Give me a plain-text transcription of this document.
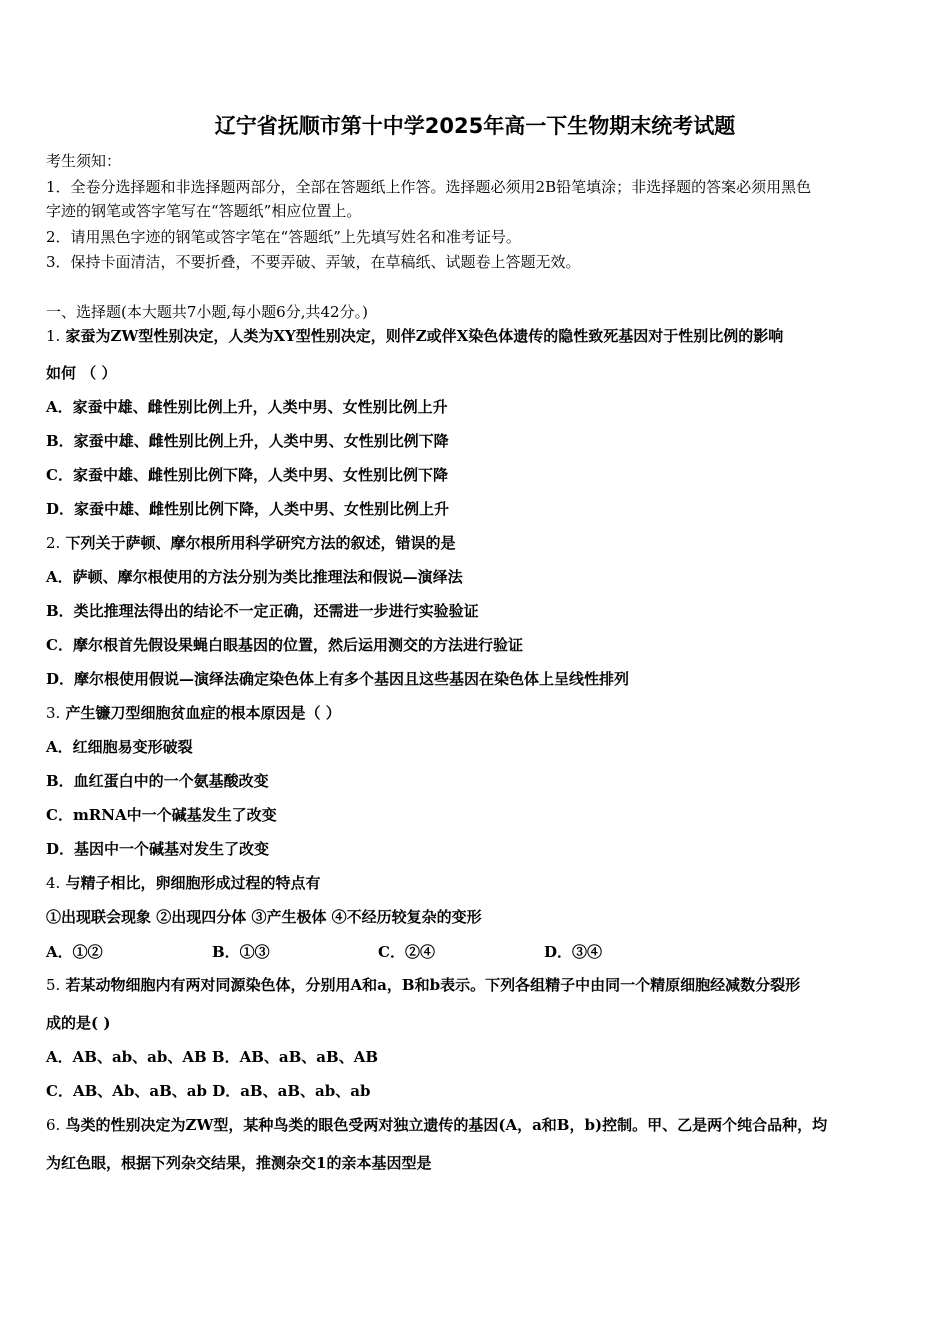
辽宁省抚顺市第十中学2025年高一下生物期末统考试题
考生须知：
1．全卷分选择题和非选择题两部分，全部在答题纸上作答。选择题必须用2B铅笔填涂；非选择题的答案必须用黑色
字迹的钢笔或答字笔写在“答题纸”相应位置上。
2．请用黑色字迹的钢笔或答字笔在“答题纸”上先填写姓名和准考证号。
3．保持卡面清洁，不要折叠，不要弄破、弄皱，在草稿纸、试题卷上答题无效。
一、选择题(本大题共7小题,每小题6分,共42分。)
1. 家蚕为ZW型性别决定，人类为XY型性别决定，则伴Z或伴X染色体遗传的隐性致死基因对于性别比例的影响
如何 （ ）
A．家蚕中雄、雌性别比例上升，人类中男、女性别比例上升
B．家蚕中雄、雌性别比例上升，人类中男、女性别比例下降
C．家蚕中雄、雌性别比例下降，人类中男、女性别比例下降
D．家蚕中雄、雌性别比例下降，人类中男、女性别比例上升
2. 下列关于萨顿、摩尔根所用科学研究方法的叙述，错误的是
A．萨顿、摩尔根使用的方法分别为类比推理法和假说—演绎法
B．类比推理法得出的结论不一定正确，还需进一步进行实验验证
C．摩尔根首先假设果蝇白眼基因的位置，然后运用测交的方法进行验证
D．摩尔根使用假说—演绎法确定染色体上有多个基因且这些基因在染色体上呈线性排列
3. 产生镰刀型细胞贫血症的根本原因是（ ）
A．红细胞易变形破裂
B．血红蛋白中的一个氨基酸改变
C．mRNA中一个碱基发生了改变
D．基因中一个碱基对发生了改变
4. 与精子相比，卵细胞形成过程的特点有
①出现联会现象 ②出现四分体 ③产生极体 ④不经历较复杂的变形
A．①②	B．①③	C．②④	D．③④
5. 若某动物细胞内有两对同源染色体，分别用A和a，B和b表示。下列各组精子中由同一个精原细胞经减数分裂形
成的是( )
A．AB、ab、ab、AB B．AB、aB、aB、AB
C．AB、Ab、aB、ab D．aB、aB、ab、ab
6. 鸟类的性别决定为ZW型，某种鸟类的眼色受两对独立遗传的基因(A，a和B，b)控制。甲、乙是两个纯合品种，均
为红色眼，根据下列杂交结果，推测杂交1的亲本基因型是
